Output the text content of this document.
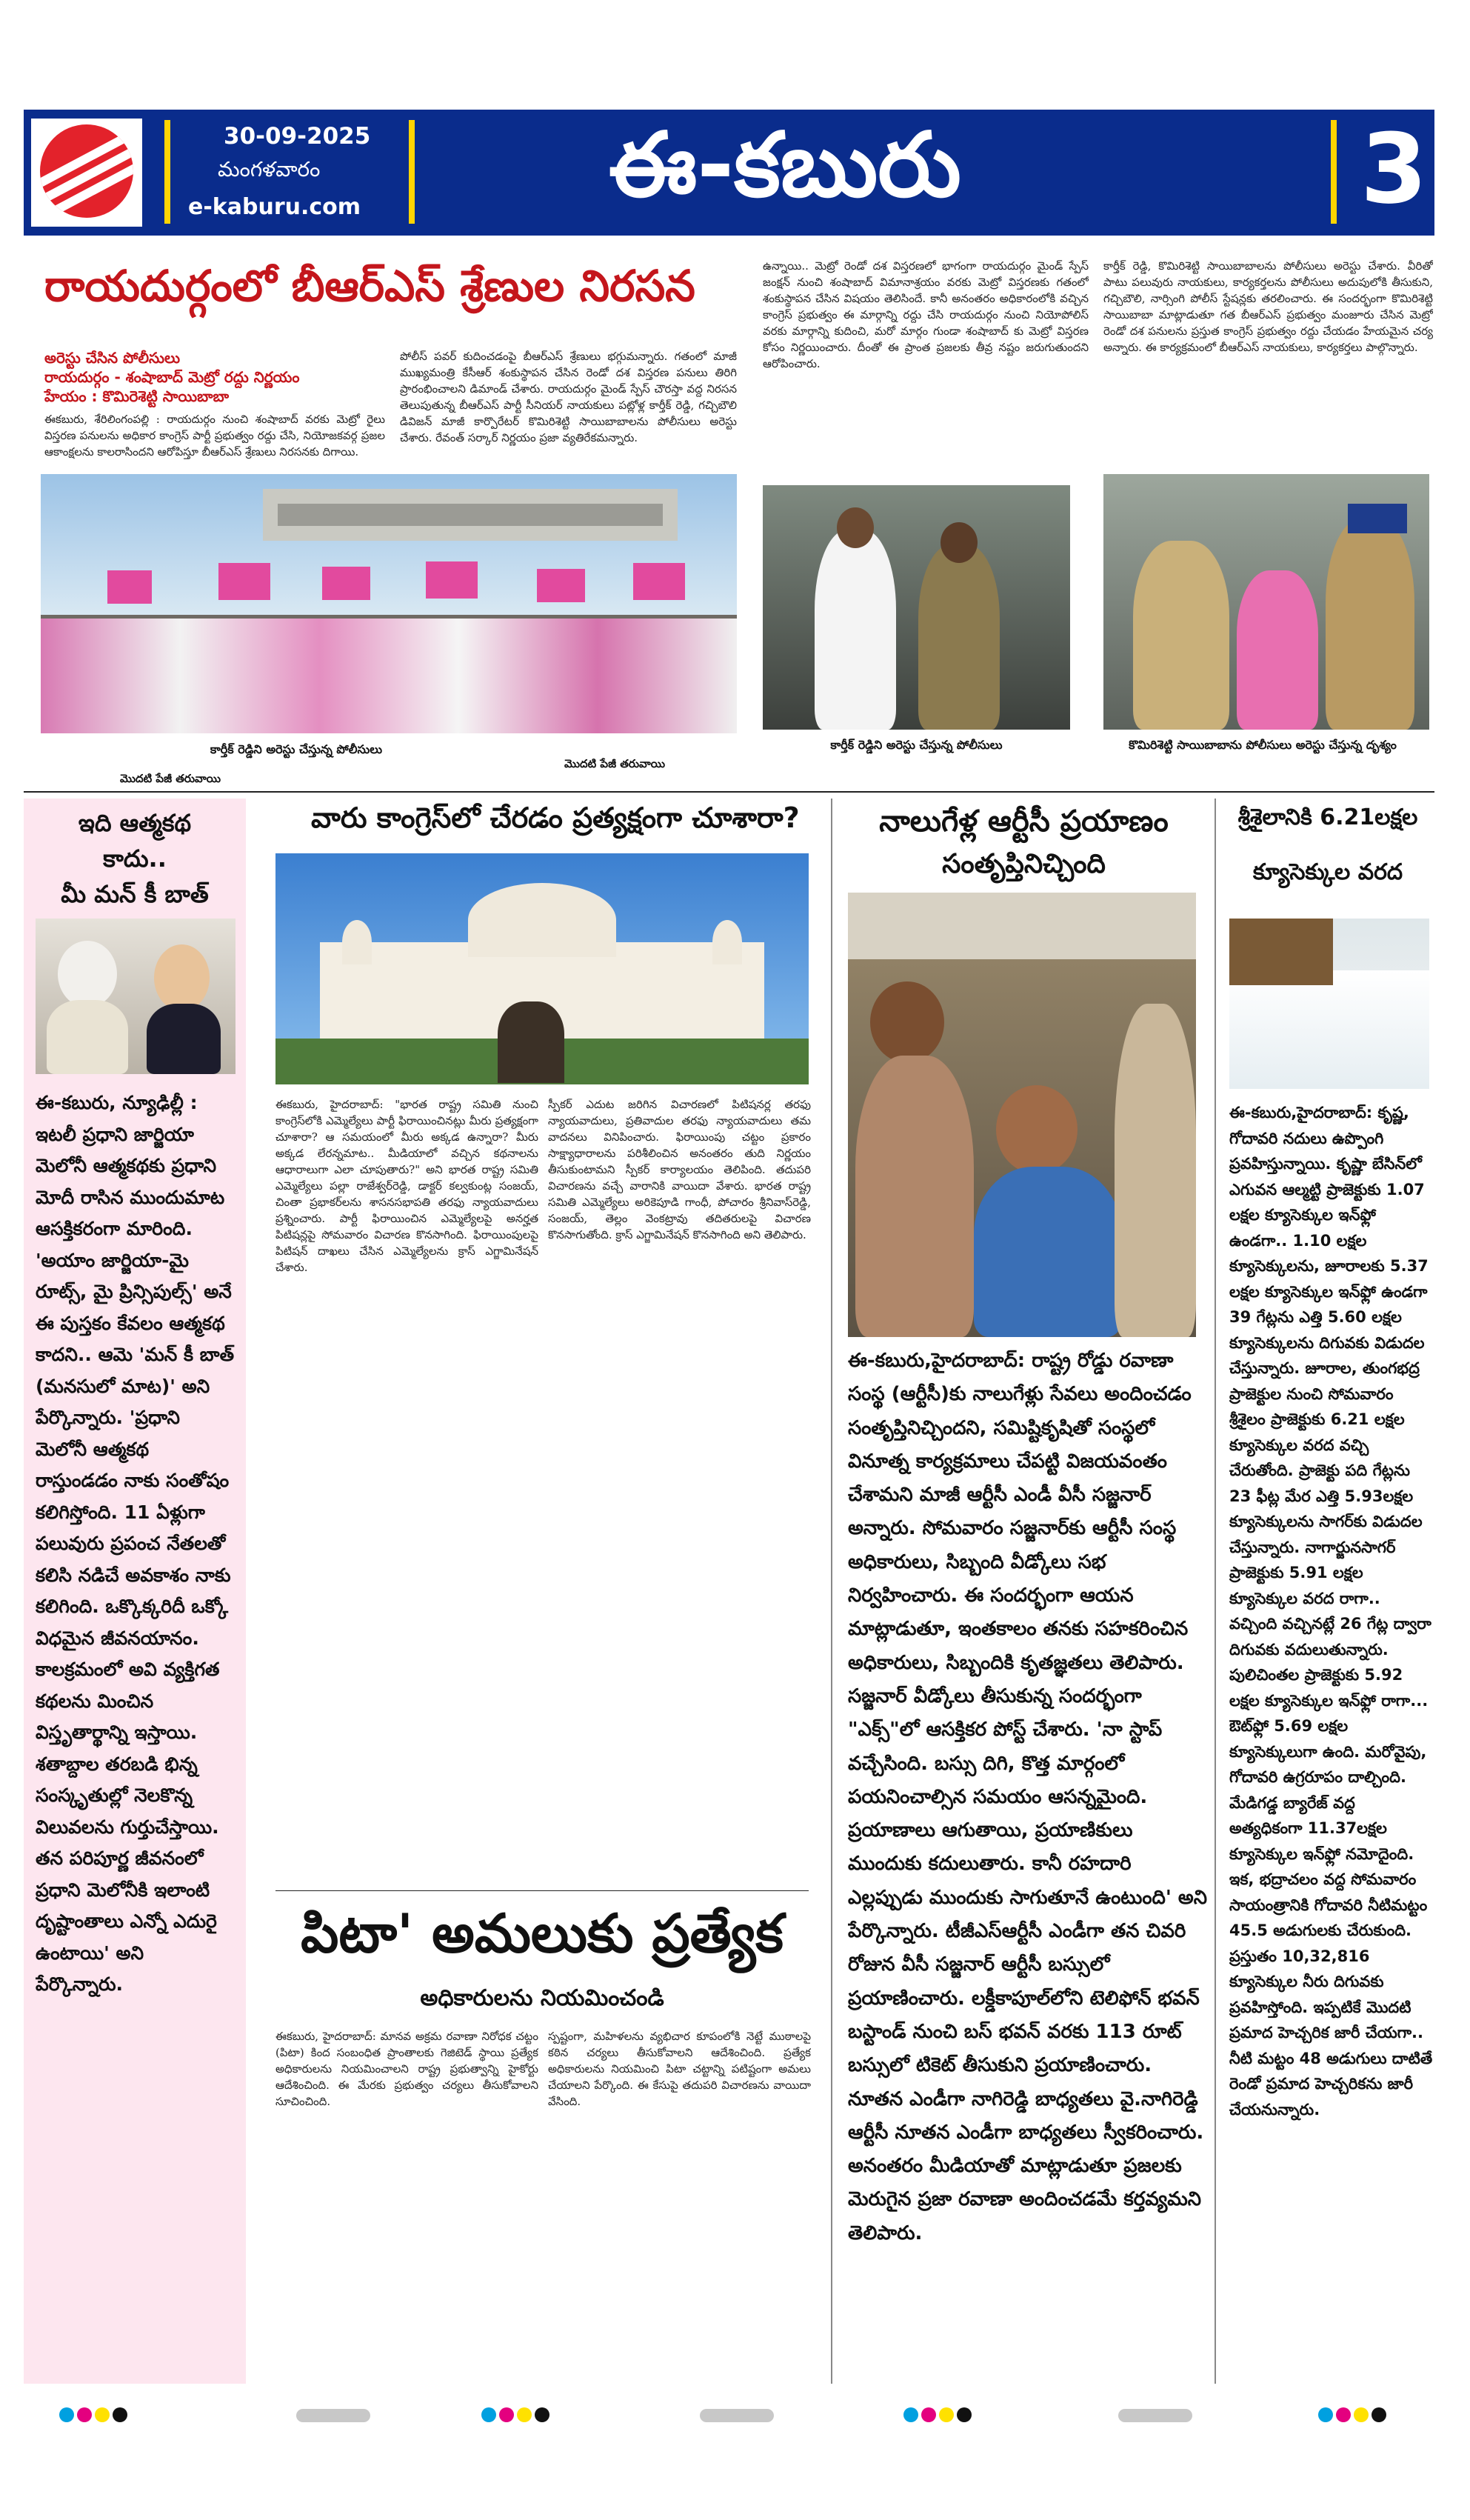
30-09-2025
మంగళవారం
e-kaburu.com	ఈ-కబురు	3
రాయదుర్గంలో బీఆర్ఎస్ శ్రేణుల నిరసన
అరెస్టు చేసిన పోలీసులు
రాయదుర్గం - శంషాబాద్ మెట్రో రద్దు నిర్ణయం
హేయం : కొమిరెశెట్టి సాయిబాబా
ఈకబురు, శేరిలింగంపల్లి : రాయదుర్గం నుంచి శంషాబాద్ వరకు మెట్రో రైలు విస్తరణ పనులను అధికార కాంగ్రెస్ పార్టీ ప్రభుత్వం రద్దు చేసి, నియోజకవర్గ ప్రజల ఆకాంక్షలను కాలరాసిందని ఆరోపిస్తూ బీఆర్ఎస్ శ్రేణులు నిరసనకు దిగాయి.
పోలీస్ పవర్ కుదించడంపై బీఆర్ఎస్ శ్రేణులు భగ్గుమన్నారు. గతంలో మాజీ ముఖ్యమంత్రి కేసీఆర్ శంకుస్థాపన చేసిన రెండో దశ విస్తరణ పనులు తిరిగి ప్రారంభించాలని డిమాండ్ చేశారు. రాయదుర్గం మైండ్ స్పేస్ చౌరస్తా వద్ద నిరసన తెలుపుతున్న బీఆర్ఎస్ పార్టీ సీనియర్ నాయకులు పట్లోళ్ల కార్తీక్ రెడ్డి, గచ్చిబౌలి డివిజన్ మాజీ కార్పొరేటర్ కొమిరిశెట్టి సాయిబాబాలను పోలీసులు అరెస్టు చేశారు. రేవంత్ సర్కార్ నిర్ణయం ప్రజా వ్యతిరేకమన్నారు.
ఉన్నాయి.. మెట్రో రెండో దశ విస్తరణలో భాగంగా రాయదుర్గం మైండ్ స్పేస్ జంక్షన్ నుంచి శంషాబాద్ విమానాశ్రయం వరకు మెట్రో విస్తరణకు గతంలో శంకుస్థాపన చేసిన విషయం తెలిసిందే. కానీ అనంతరం అధికారంలోకి వచ్చిన కాంగ్రెస్ ప్రభుత్వం ఈ మార్గాన్ని రద్దు చేసి రాయదుర్గం నుంచి నియోపోలిస్ వరకు మార్గాన్ని కుదించి, మరో మార్గం గుండా శంషాబాద్ కు మెట్రో విస్తరణ కోసం నిర్ణయించారు. దీంతో ఈ ప్రాంత ప్రజలకు తీవ్ర నష్టం జరుగుతుందని ఆరోపించారు.
కార్తీక్ రెడ్డి, కొమిరిశెట్టి సాయిబాబాలను పోలీసులు అరెస్టు చేశారు. వీరితో పాటు పలువురు నాయకులు, కార్యకర్తలను పోలీసులు అదుపులోకి తీసుకుని, గచ్చిబౌలి, నార్సింగి పోలీస్ స్టేషన్లకు తరలించారు. ఈ సందర్భంగా కొమిరిశెట్టి సాయిబాబా మాట్లాడుతూ గత బీఆర్ఎస్ ప్రభుత్వం మంజూరు చేసిన మెట్రో రెండో దశ పనులను ప్రస్తుత కాంగ్రెస్ ప్రభుత్వం రద్దు చేయడం హేయమైన చర్య అన్నారు. ఈ కార్యక్రమంలో బీఆర్ఎస్ నాయకులు, కార్యకర్తలు పాల్గొన్నారు.
కార్తీక్ రెడ్డిని అరెస్టు చేస్తున్న పోలీసులు	కార్తీక్ రెడ్డిని అరెస్టు చేస్తున్న పోలీసులు	కొమిరిశెట్టి సాయిబాబాను పోలీసులు అరెస్టు చేస్తున్న దృశ్యం
మొదటి పేజీ తరువాయి
మొదటి పేజీ తరువాయి
ఇది ఆత్మకథ
కాదు..
మీ మన్ కీ బాత్
ఈ-కబురు, న్యూఢిల్లీ : ఇటలీ ప్రధాని జార్జియా మెలోనీ ఆత్మకథకు ప్రధాని మోదీ రాసిన ముందుమాట ఆసక్తికరంగా మారింది. 'అయాం జార్జియా-మై రూట్స్, మై ప్రిన్సిపుల్స్' అనే ఈ పుస్తకం కేవలం ఆత్మకథ కాదని.. ఆమె 'మన్ కీ బాత్ (మనసులో మాట)' అని పేర్కొన్నారు. 'ప్రధాని మెలోనీ ఆత్మకథ రాస్తుండడం నాకు సంతోషం కలిగిస్తోంది. 11 ఏళ్లుగా పలువురు ప్రపంచ నేతలతో కలిసి నడిచే అవకాశం నాకు కలిగింది. ఒక్కొక్కరిదీ ఒక్కో విధమైన జీవనయానం. కాలక్రమంలో అవి వ్యక్తిగత కథలను మించిన విస్తృతార్థాన్ని ఇస్తాయి. శతాబ్దాల తరబడి భిన్న సంస్కృతుల్లో నెలకొన్న విలువలను గుర్తుచేస్తాయి. తన పరిపూర్ణ జీవనంలో ప్రధాని మెలోనీకి ఇలాంటి దృష్టాంతాలు ఎన్నో ఎదురై ఉంటాయి' అని పేర్కొన్నారు.
వారు కాంగ్రెస్‌లో చేరడం ప్రత్యక్షంగా చూశారా?
ఈకబురు, హైదరాబాద్: "భారత రాష్ట్ర సమితి నుంచి కాంగ్రెస్‌లోకి ఎమ్మెల్యేలు పార్టీ ఫిరాయించినట్లు మీరు ప్రత్యక్షంగా చూశారా? ఆ సమయంలో మీరు అక్కడ ఉన్నారా? మీరు అక్కడ లేరన్నమాట.. మీడియాలో వచ్చిన కథనాలను ఆధారాలుగా ఎలా చూపుతారు?" అని భారత రాష్ట్ర సమితి ఎమ్మెల్యేలు పల్లా రాజేశ్వర్‌రెడ్డి, డాక్టర్ కల్వకుంట్ల సంజయ్, చింతా ప్రభాకర్‌లను శాసనసభాపతి తరఫు న్యాయవాదులు ప్రశ్నించారు. పార్టీ ఫిరాయించిన ఎమ్మెల్యేలపై అనర్హత పిటిషన్లపై సోమవారం విచారణ కొనసాగింది. ఫిరాయింపులపై పిటిషన్ దాఖలు చేసిన ఎమ్మెల్యేలను క్రాస్ ఎగ్జామినేషన్ చేశారు.
స్పీకర్ ఎదుట జరిగిన విచారణలో పిటిషనర్ల తరఫు న్యాయవాదులు, ప్రతివాదుల తరఫు న్యాయవాదులు తమ వాదనలు వినిపించారు. ఫిరాయింపు చట్టం ప్రకారం సాక్ష్యాధారాలను పరిశీలించిన అనంతరం తుది నిర్ణయం తీసుకుంటామని స్పీకర్ కార్యాలయం తెలిపింది. తదుపరి విచారణను వచ్చే వారానికి వాయిదా వేశారు. భారత రాష్ట్ర సమితి ఎమ్మెల్యేలు అరికెపూడి గాంధీ, పోచారం శ్రీనివాస్‌రెడ్డి, సంజయ్, తెల్లం వెంకట్రావు తదితరులపై విచారణ కొనసాగుతోంది. క్రాస్ ఎగ్జామినేషన్ కొనసాగింది అని తెలిపారు.
పిటా' అమలుకు ప్రత్యేక
అధికారులను నియమించండి
ఈకబురు, హైదరాబాద్: మానవ అక్రమ రవాణా నిరోధక చట్టం (పిటా) కింద సంబంధిత ప్రాంతాలకు గెజిటెడ్ స్థాయి ప్రత్యేక అధికారులను నియమించాలని రాష్ట్ర ప్రభుత్వాన్ని హైకోర్టు ఆదేశించింది. ఈ మేరకు ప్రభుత్వం చర్యలు తీసుకోవాలని సూచించింది.
స్పష్టంగా, మహిళలను వ్యభిచార కూపంలోకి నెట్టే ముఠాలపై కఠిన చర్యలు తీసుకోవాలని ఆదేశించింది. ప్రత్యేక అధికారులను నియమించి పిటా చట్టాన్ని పటిష్టంగా అమలు చేయాలని పేర్కొంది. ఈ కేసుపై తదుపరి విచారణను వాయిదా వేసింది.
నాలుగేళ్ల ఆర్టీసీ ప్రయాణం
సంతృప్తినిచ్చింది
ఈ-కబురు,హైదరాబాద్: రాష్ట్ర రోడ్డు రవాణా సంస్థ (ఆర్టీసీ)కు నాలుగేళ్లు సేవలు అందించడం సంతృప్తినిచ్చిందని, సమిష్టికృషితో సంస్థలో వినూత్న కార్యక్రమాలు చేపట్టి విజయవంతం చేశామని మాజీ ఆర్టీసీ ఎండీ వీసీ సజ్జనార్ అన్నారు. సోమవారం సజ్జనార్‌కు ఆర్టీసీ సంస్థ అధికారులు, సిబ్బంది వీడ్కోలు సభ నిర్వహించారు. ఈ సందర్భంగా ఆయన మాట్లాడుతూ, ఇంతకాలం తనకు సహకరించిన అధికారులు, సిబ్బందికి కృతజ్ఞతలు తెలిపారు. సజ్జనార్ వీడ్కోలు తీసుకున్న సందర్భంగా "ఎక్స్"లో ఆసక్తికర పోస్ట్ చేశారు. 'నా స్టాప్ వచ్చేసింది. బస్సు దిగి, కొత్త మార్గంలో పయనించాల్సిన సమయం ఆసన్నమైంది. ప్రయాణాలు ఆగుతాయి, ప్రయాణికులు ముందుకు కదులుతారు. కానీ రహదారి ఎల్లప్పుడు ముందుకు సాగుతూనే ఉంటుంది' అని పేర్కొన్నారు. టీజీఎస్‌ఆర్టీసీ ఎండీగా తన చివరి రోజున వీసీ సజ్జనార్ ఆర్టీసీ బస్సులో ప్రయాణించారు. లక్డీకాపూల్‌లోని టెలిఫోన్ భవన్ బస్టాండ్ నుంచి బస్ భవన్ వరకు 113 రూట్ బస్సులో టికెట్ తీసుకుని ప్రయాణించారు. నూతన ఎండీగా నాగిరెడ్డి బాధ్యతలు వై.నాగిరెడ్డి ఆర్టీసీ నూతన ఎండీగా బాధ్యతలు స్వీకరించారు. అనంతరం మీడియాతో మాట్లాడుతూ ప్రజలకు మెరుగైన ప్రజా రవాణా అందించడమే కర్తవ్యమని తెలిపారు.
శ్రీశైలానికి 6.21లక్షల
క్యూసెక్కుల వరద
ఈ-కబురు,హైదరాబాద్: కృష్ణ, గోదావరి నదులు ఉప్పొంగి ప్రవహిస్తున్నాయి. కృష్ణా బేసిన్‌లో ఎగువన ఆల్మట్టి ప్రాజెక్టుకు 1.07 లక్షల క్యూసెక్కుల ఇన్‌ఫ్లో ఉండగా.. 1.10 లక్షల క్యూసెక్కులను, జూరాలకు 5.37 లక్షల క్యూసెక్కుల ఇన్‌ఫ్లో ఉండగా 39 గేట్లను ఎత్తి 5.60 లక్షల క్యూసెక్కులను దిగువకు విడుదల చేస్తున్నారు. జూరాల, తుంగభద్ర ప్రాజెక్టుల నుంచి సోమవారం శ్రీశైలం ప్రాజెక్టుకు 6.21 లక్షల క్యూసెక్కుల వరద వచ్చి చేరుతోంది. ప్రాజెక్టు పది గేట్లను 23 ఫీట్ల మేర ఎత్తి 5.93లక్షల క్యూసెక్కులను సాగర్‌కు విడుదల చేస్తున్నారు. నాగార్జునసాగర్ ప్రాజెక్టుకు 5.91 లక్షల క్యూసెక్కుల వరద రాగా.. వచ్చింది వచ్చినట్లే 26 గేట్ల ద్వారా దిగువకు వదులుతున్నారు. పులిచింతల ప్రాజెక్టుకు 5.92 లక్షల క్యూసెక్కుల ఇన్‌ఫ్లో రాగా... ఔట్‌ఫ్లో 5.69 లక్షల క్యూసెక్కులుగా ఉంది. మరోవైపు, గోదావరి ఉగ్రరూపం దాల్చింది. మేడిగడ్డ బ్యారేజ్ వద్ద అత్యధికంగా 11.37లక్షల క్యూసెక్కుల ఇన్‌ఫ్లో నమోదైంది. ఇక, భద్రాచలం వద్ద సోమవారం సాయంత్రానికి గోదావరి నీటిమట్టం 45.5 అడుగులకు చేరుకుంది. ప్రస్తుతం 10,32,816 క్యూసెక్కుల నీరు దిగువకు ప్రవహిస్తోంది. ఇప్పటికే మొదటి ప్రమాద హెచ్చరిక జారీ చేయగా.. నీటి మట్టం 48 అడుగులు దాటితే రెండో ప్రమాద హెచ్చరికను జారీ చేయనున్నారు.
